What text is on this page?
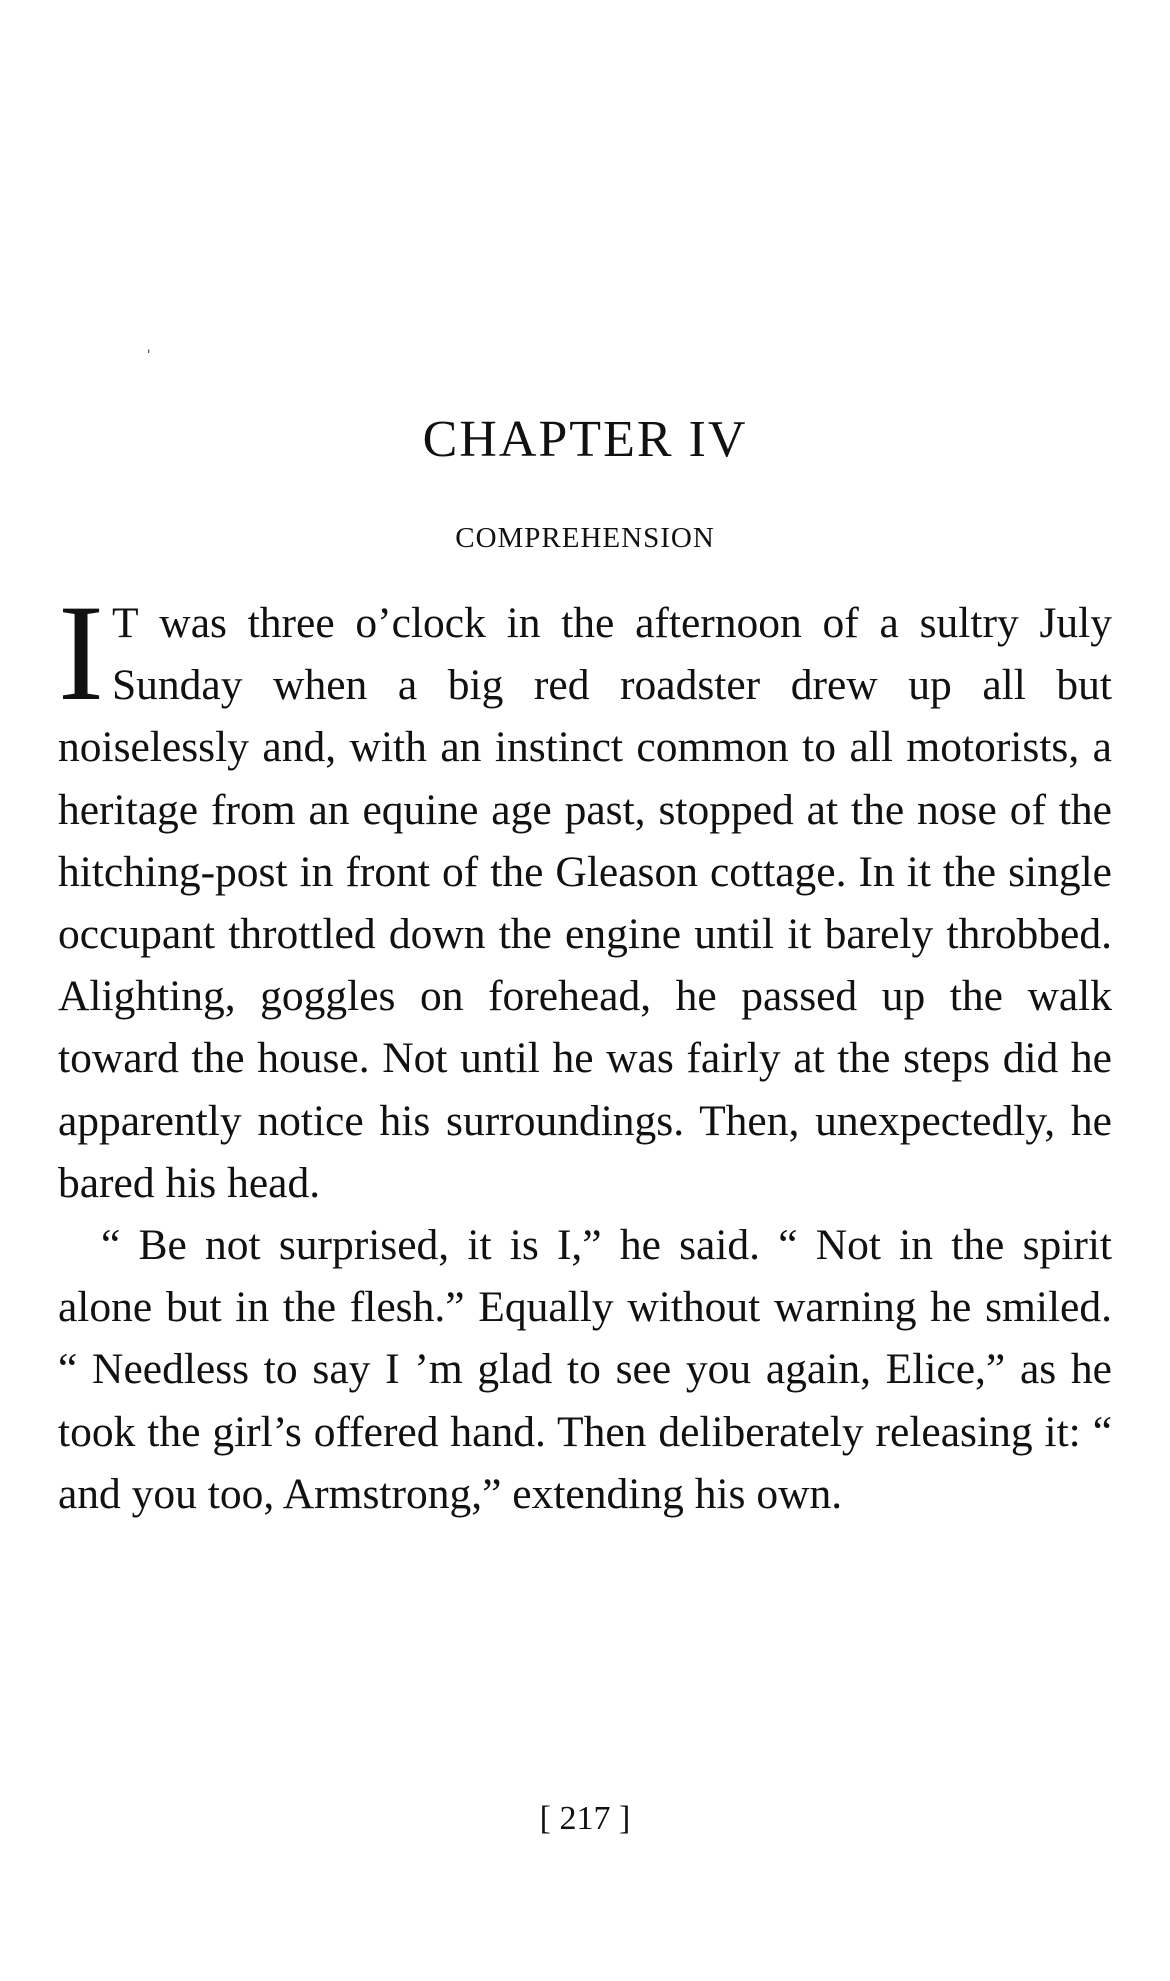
ˈ
CHAPTER IV
COMPREHENSION

I T was three o’clock in the afternoon of a sultry July Sunday when a big red roadster drew up all but noiselessly and, with an instinct common to all motorists, a heritage from an equine age past, stopped at the nose of the hitching-post in front of the Gleason cottage. In it the single occupant throttled down the engine until it barely throbbed. Alighting, goggles on forehead, he passed up the walk toward the house. Not until he was fairly at the steps did he apparently notice his surroundings. Then, unexpectedly, he bared his head.

“ Be not surprised, it is I,” he said. “ Not in the spirit alone but in the flesh.” Equally without warning he smiled. “ Needless to say I ’m glad to see you again, Elice,” as he took the girl’s offered hand. Then deliberately releasing it: “ and you too, Armstrong,” extending his own.

[ 217 ]
